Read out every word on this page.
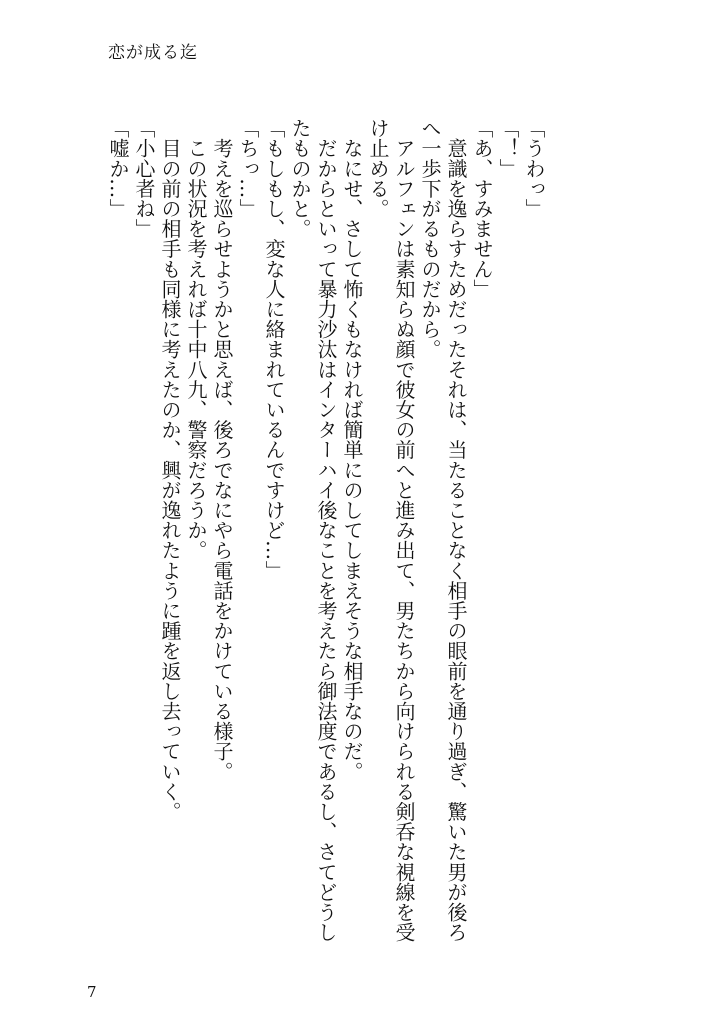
恋が成る迄

「うわっ」

「！」

「あ、すみません」

　意識を逸らすためだったそれは、当たることなく相手の眼前を通り過ぎ、驚いた男が後ろ

へ一歩下がるものだから。

　アルフェンは素知らぬ顔で彼女の前へと進み出て、男たちから向けられる剣呑な視線を受

け止める。

　なにせ、さして怖くもなければ簡単にのしてしまえそうな相手なのだ。

　だからといって暴力沙汰はインターハイ後なことを考えたら御法度であるし、さてどうし

たものかと。

「もしもし、変な人に絡まれているんですけど…」

「ちっ…」

　考えを巡らせようかと思えば、後ろでなにやら電話をかけている様子。

　この状況を考えれば十中八九、警察だろうか。

　目の前の相手も同様に考えたのか、興が逸れたように踵を返し去っていく。

「小心者ね」

「嘘か…」

7
